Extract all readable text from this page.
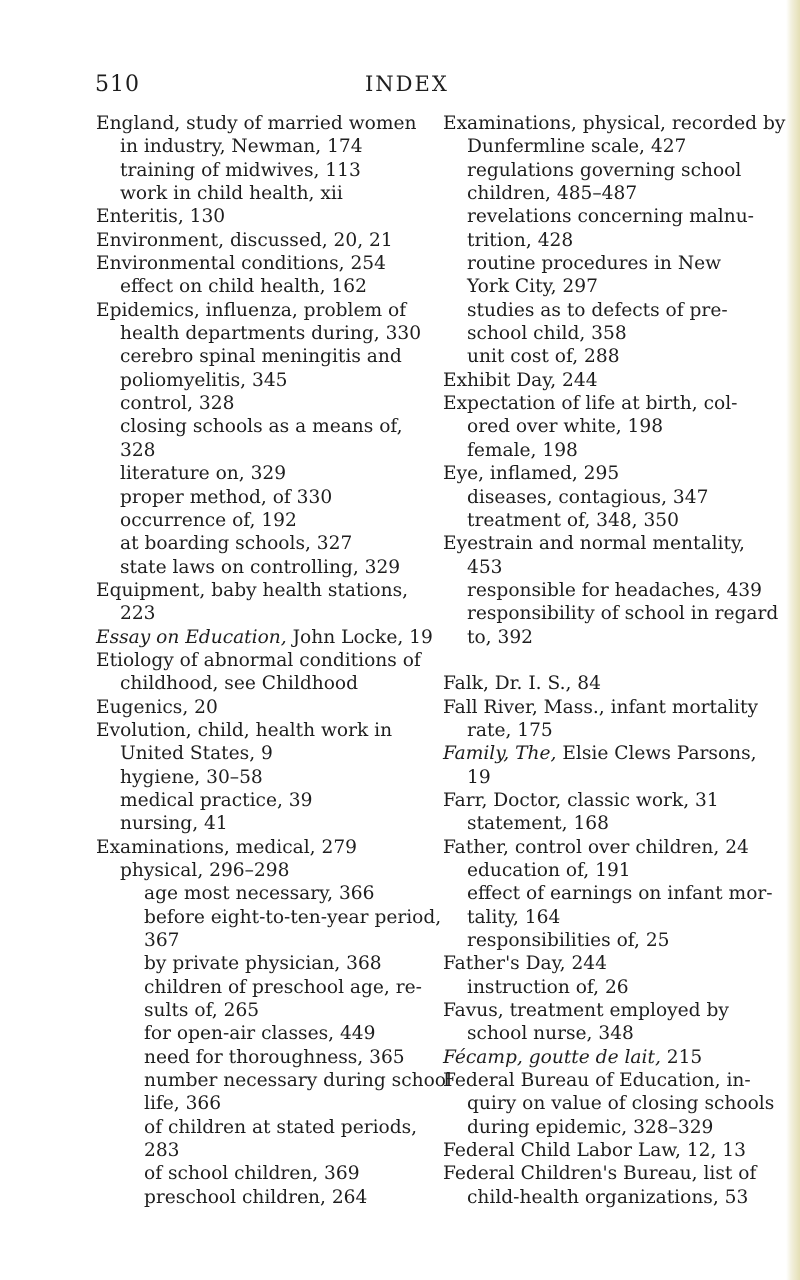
510	INDEX
England, study of married women
in industry, Newman, 174
training of midwives, 113
work in child health, xii
Enteritis, 130
Environment, discussed, 20, 21
Environmental conditions, 254
effect on child health, 162
Epidemics, influenza, problem of
health departments during, 330
cerebro spinal meningitis and
poliomyelitis, 345
control, 328
closing schools as a means of,
328
literature on, 329
proper method, of 330
occurrence of, 192
at boarding schools, 327
state laws on controlling, 329
Equipment, baby health stations,
223
Essay on Education, John Locke, 19
Etiology of abnormal conditions of
childhood, see Childhood
Eugenics, 20
Evolution, child, health work in
United States, 9
hygiene, 30–58
medical practice, 39
nursing, 41
Examinations, medical, 279
physical, 296–298
age most necessary, 366
before eight-to-ten-year period,
367
by private physician, 368
children of preschool age, re-
sults of, 265
for open-air classes, 449
need for thoroughness, 365
number necessary during school
life, 366
of children at stated periods,
283
of school children, 369
preschool children, 264
Examinations, physical, recorded by
Dunfermline scale, 427
regulations governing school
children, 485–487
revelations concerning malnu-
trition, 428
routine procedures in New
York City, 297
studies as to defects of pre-
school child, 358
unit cost of, 288
Exhibit Day, 244
Expectation of life at birth, col-
ored over white, 198
female, 198
Eye, inflamed, 295
diseases, contagious, 347
treatment of, 348, 350
Eyestrain and normal mentality,
453
responsible for headaches, 439
responsibility of school in regard
to, 392
Falk, Dr. I. S., 84
Fall River, Mass., infant mortality
rate, 175
Family, The, Elsie Clews Parsons,
19
Farr, Doctor, classic work, 31
statement, 168
Father, control over children, 24
education of, 191
effect of earnings on infant mor-
tality, 164
responsibilities of, 25
Father's Day, 244
instruction of, 26
Favus, treatment employed by
school nurse, 348
Fécamp, goutte de lait, 215
Federal Bureau of Education, in-
quiry on value of closing schools
during epidemic, 328–329
Federal Child Labor Law, 12, 13
Federal Children's Bureau, list of
child-health organizations, 53
